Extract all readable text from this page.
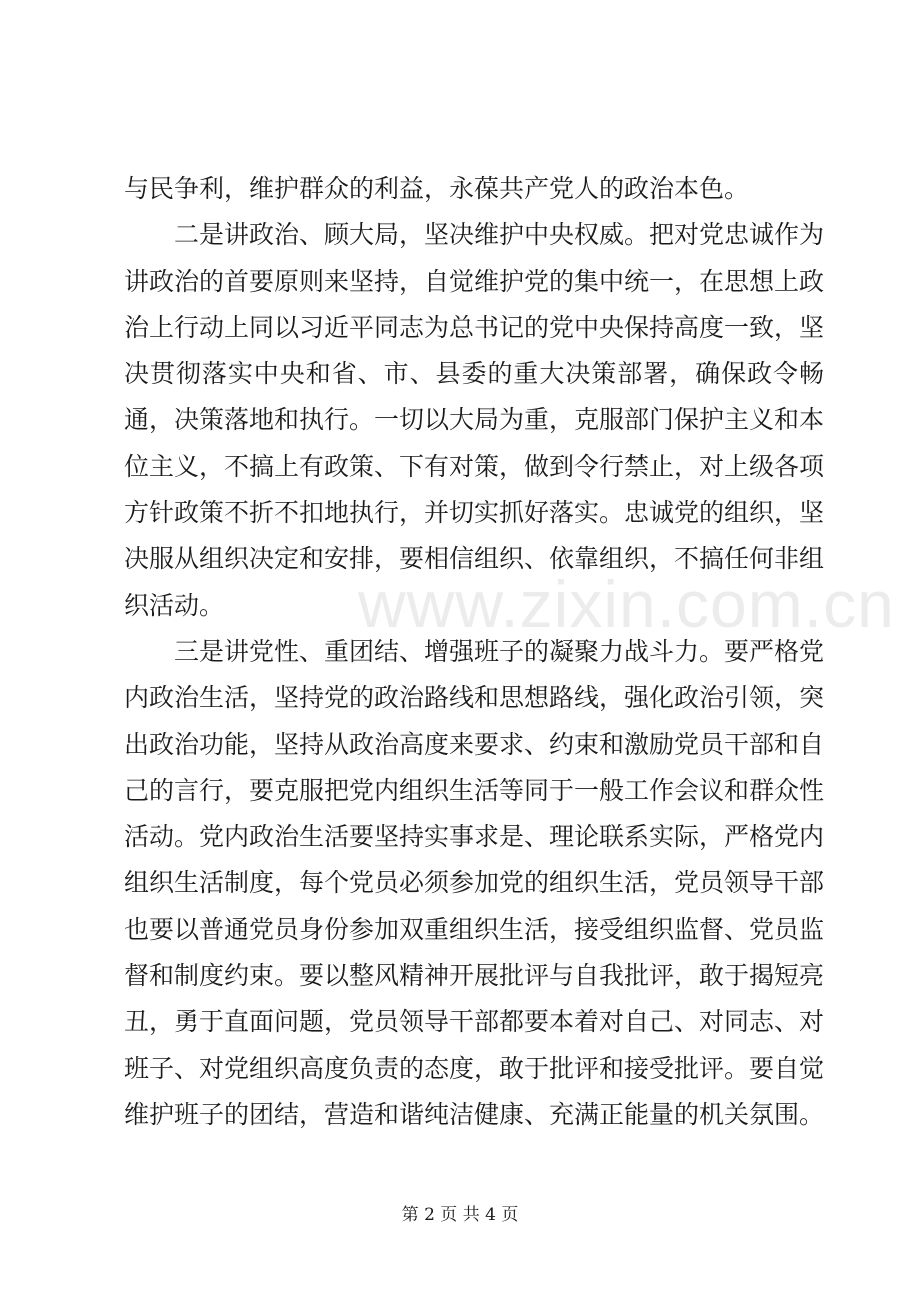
与民争利，维护群众的利益，永葆共产党人的政治本色。

二是讲政治、顾大局，坚决维护中央权威。把对党忠诚作为讲政治的首要原则来坚持，自觉维护党的集中统一，在思想上政治上行动上同以习近平同志为总书记的党中央保持高度一致，坚决贯彻落实中央和省、市、县委的重大决策部署，确保政令畅通，决策落地和执行。一切以大局为重，克服部门保护主义和本位主义，不搞上有政策、下有对策，做到令行禁止，对上级各项方针政策不折不扣地执行，并切实抓好落实。忠诚党的组织，坚决服从组织决定和安排，要相信组织、依靠组织，不搞任何非组织活动。

三是讲党性、重团结、增强班子的凝聚力战斗力。要严格党内政治生活，坚持党的政治路线和思想路线，强化政治引领，突出政治功能，坚持从政治高度来要求、约束和激励党员干部和自己的言行，要克服把党内组织生活等同于一般工作会议和群众性活动。党内政治生活要坚持实事求是、理论联系实际，严格党内组织生活制度，每个党员必须参加党的组织生活，党员领导干部也要以普通党员身份参加双重组织生活，接受组织监督、党员监督和制度约束。要以整风精神开展批评与自我批评，敢于揭短亮丑，勇于直面问题，党员领导干部都要本着对自己、对同志、对班子、对党组织高度负责的态度，敢于批评和接受批评。要自觉维护班子的团结，营造和谐纯洁健康、充满正能量的机关氛围。

www.zixin.com.cn
第 2 页 共 4 页
